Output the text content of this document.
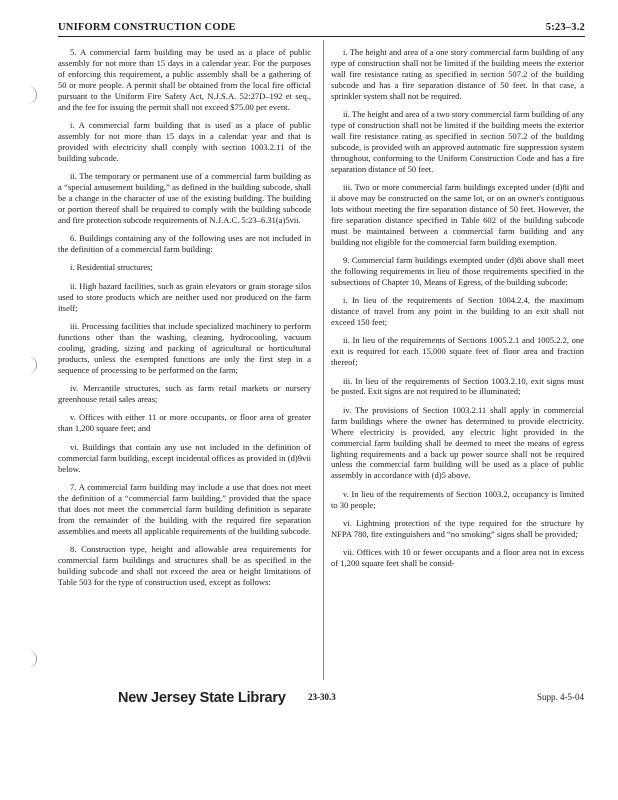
UNIFORM CONSTRUCTION CODE	5:23–3.2

5. A commercial farm building may be used as a place of public assembly for not more than 15 days in a calendar year. For the purposes of enforcing this requirement, a public assembly shall be a gathering of 50 or more people. A permit shall be obtained from the local fire official pursuant to the Uniform Fire Safety Act, N.J.S.A. 52:27D–192 et seq., and the fee for issuing the permit shall not exceed $75.00 per event.

i. A commercial farm building that is used as a place of public assembly for not more than 15 days in a calendar year and that is provided with electricity shall comply with section 1003.2.11 of the building subcode.

ii. The temporary or permanent use of a commercial farm building as a “special amusement building,” as defined in the building subcode, shall be a change in the character of use of the existing building. The building or portion thereof shall be required to comply with the building subcode and fire protection subcode requirements of N.J.A.C. 5:23–6.31(a)5vii.

6. Buildings containing any of the following uses are not included in the definition of a commercial farm building:

i. Residential structures;

ii. High hazard facilities, such as grain elevators or grain storage silos used to store products which are neither used nor produced on the farm itself;

iii. Processing facilities that include specialized machinery to perform functions other than the washing, cleaning, hydrocooling, vacuum cooling, grading, sizing and packing of agricultural or horticultural products, unless the exempted functions are only the first step in a sequence of processing to be performed on the farm;

iv. Mercantile structures, such as farm retail markets or nursery greenhouse retail sales areas;

v. Offices with either 11 or more occupants, or floor area of greater than 1,200 square feet; and

vi. Buildings that contain any use not included in the definition of commercial farm building, except incidental offices as provided in (d)9vii below.

7. A commercial farm building may include a use that does not meet the definition of a “commercial farm building,” provided that the space that does not meet the commercial farm building definition is separate from the remainder of the building with the required fire separation assemblies and meets all applicable requirements of the building subcode.

8. Construction type, height and allowable area requirements for commercial farm buildings and structures shall be as specified in the building subcode and shall not exceed the area or height limitations of Table 503 for the type of construction used, except as follows:

i. The height and area of a one story commercial farm building of any type of construction shall not be limited if the building meets the exterior wall fire resistance rating as specified in section 507.2 of the building subcode and has a fire separation distance of 50 feet. In that case, a sprinkler system shall not be required.

ii. The height and area of a two story commercial farm building of any type of construction shall not be limited if the building meets the exterior wall fire resistance rating as specified in section 507.2 of the building subcode, is provided with an approved automatic fire suppression system throughout, conforming to the Uniform Construction Code and has a fire separation distance of 50 feet.

iii. Two or more commercial farm buildings excepted under (d)8i and ii above may be constructed on the same lot, or on an owner's contiguous lots without meeting the fire separation distance of 50 feet. However, the fire separation distance specified in Table 602 of the building subcode must be maintained between a commercial farm building and any building not eligible for the commercial farm building exemption.

9. Commercial farm buildings exempted under (d)8i above shall meet the following requirements in lieu of those requirements specified in the subsections of Chapter 10, Means of Egress, of the building subcode:

i. In lieu of the requirements of Section 1004.2.4, the maximum distance of travel from any point in the building to an exit shall not exceed 150 feet;

ii. In lieu of the requirements of Sections 1005.2.1 and 1005.2.2, one exit is required for each 15,000 square feet of floor area and fraction thereof;

iii. In lieu of the requirements of Section 1003.2.10, exit signs must be posted. Exit signs are not required to be illuminated;

iv. The provisions of Section 1003.2.11 shall apply in commercial farm buildings where the owner has determined to provide electricity. Where electricity is provided, any electric light provided in the commercial farm building shall be deemed to meet the means of egress lighting requirements and a back up power source shall not be required unless the commercial farm building will be used as a place of public assembly in accordance with (d)5 above.

v. In lieu of the requirements of Section 1003.2, occupancy is limited to 30 people;

vi. Lightning protection of the type required for the structure by NFPA 780, fire extinguishers and “no smoking” signs shall be provided;

vii. Offices with 10 or fewer occupants and a floor area not in excess of 1,200 square feet shall be consid-

New Jersey State Library 23-30.3	Supp. 4-5-04
